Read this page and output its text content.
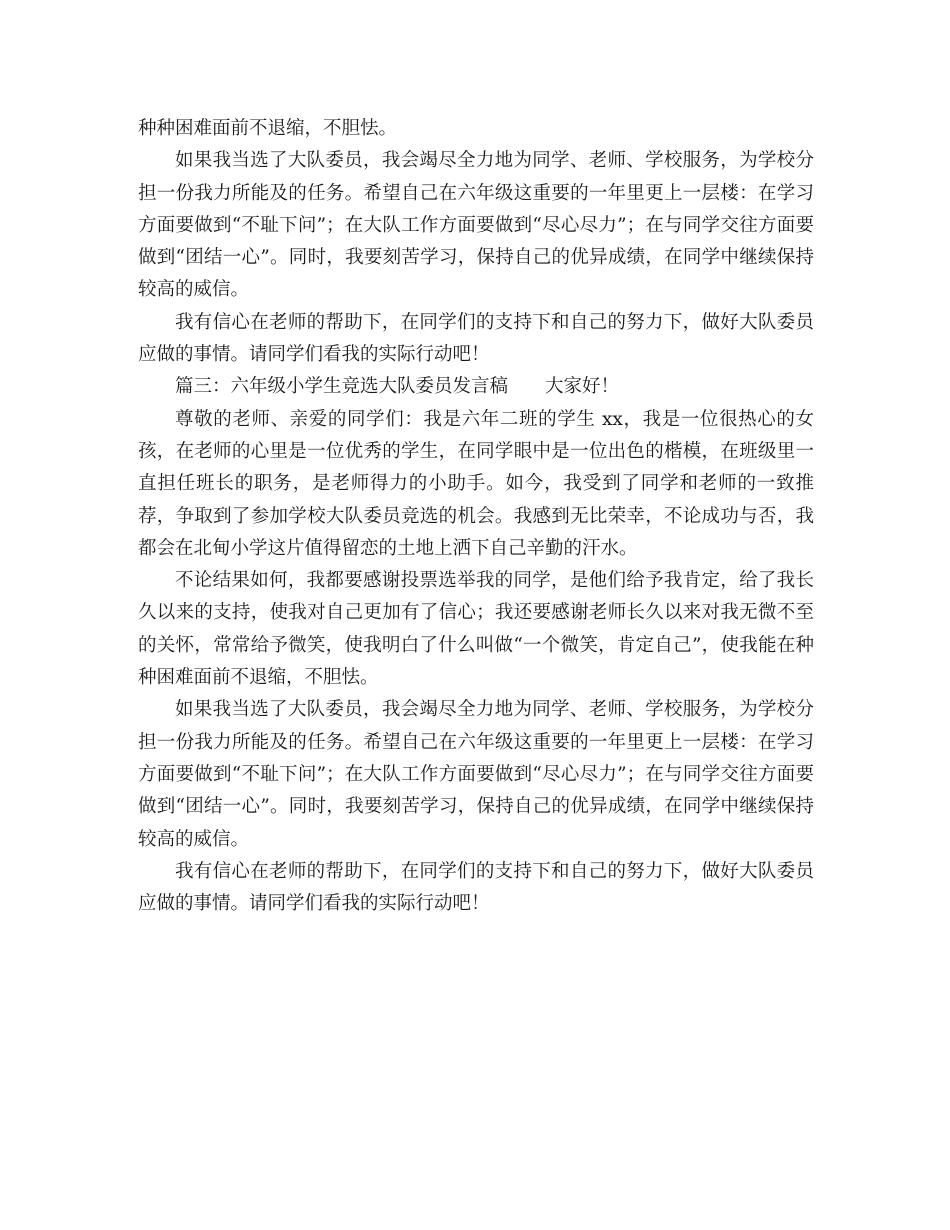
种种困难面前不退缩，不胆怯。

如果我当选了大队委员，我会竭尽全力地为同学、老师、学校服务，为学校分担一份我力所能及的任务。希望自己在六年级这重要的一年里更上一层楼：在学习方面要做到“不耻下问”；在大队工作方面要做到“尽心尽力”；在与同学交往方面要做到“团结一心”。同时，我要刻苦学习，保持自己的优异成绩，在同学中继续保持较高的威信。

我有信心在老师的帮助下，在同学们的支持下和自己的努力下，做好大队委员应做的事情。请同学们看我的实际行动吧！

篇三：六年级小学生竞选大队委员发言稿 大家好！

尊敬的老师、亲爱的同学们：我是六年二班的学生 xx，我是一位很热心的女孩，在老师的心里是一位优秀的学生，在同学眼中是一位出色的楷模，在班级里一直担任班长的职务，是老师得力的小助手。如今，我受到了同学和老师的一致推荐，争取到了参加学校大队委员竞选的机会。我感到无比荣幸，不论成功与否，我都会在北甸小学这片值得留恋的土地上洒下自己辛勤的汗水。

不论结果如何，我都要感谢投票选举我的同学，是他们给予我肯定，给了我长久以来的支持，使我对自己更加有了信心；我还要感谢老师长久以来对我无微不至的关怀，常常给予微笑，使我明白了什么叫做“一个微笑，肯定自己”，使我能在种种困难面前不退缩，不胆怯。

如果我当选了大队委员，我会竭尽全力地为同学、老师、学校服务，为学校分担一份我力所能及的任务。希望自己在六年级这重要的一年里更上一层楼：在学习方面要做到“不耻下问”；在大队工作方面要做到“尽心尽力”；在与同学交往方面要做到“团结一心”。同时，我要刻苦学习，保持自己的优异成绩，在同学中继续保持较高的威信。

我有信心在老师的帮助下，在同学们的支持下和自己的努力下，做好大队委员应做的事情。请同学们看我的实际行动吧！
